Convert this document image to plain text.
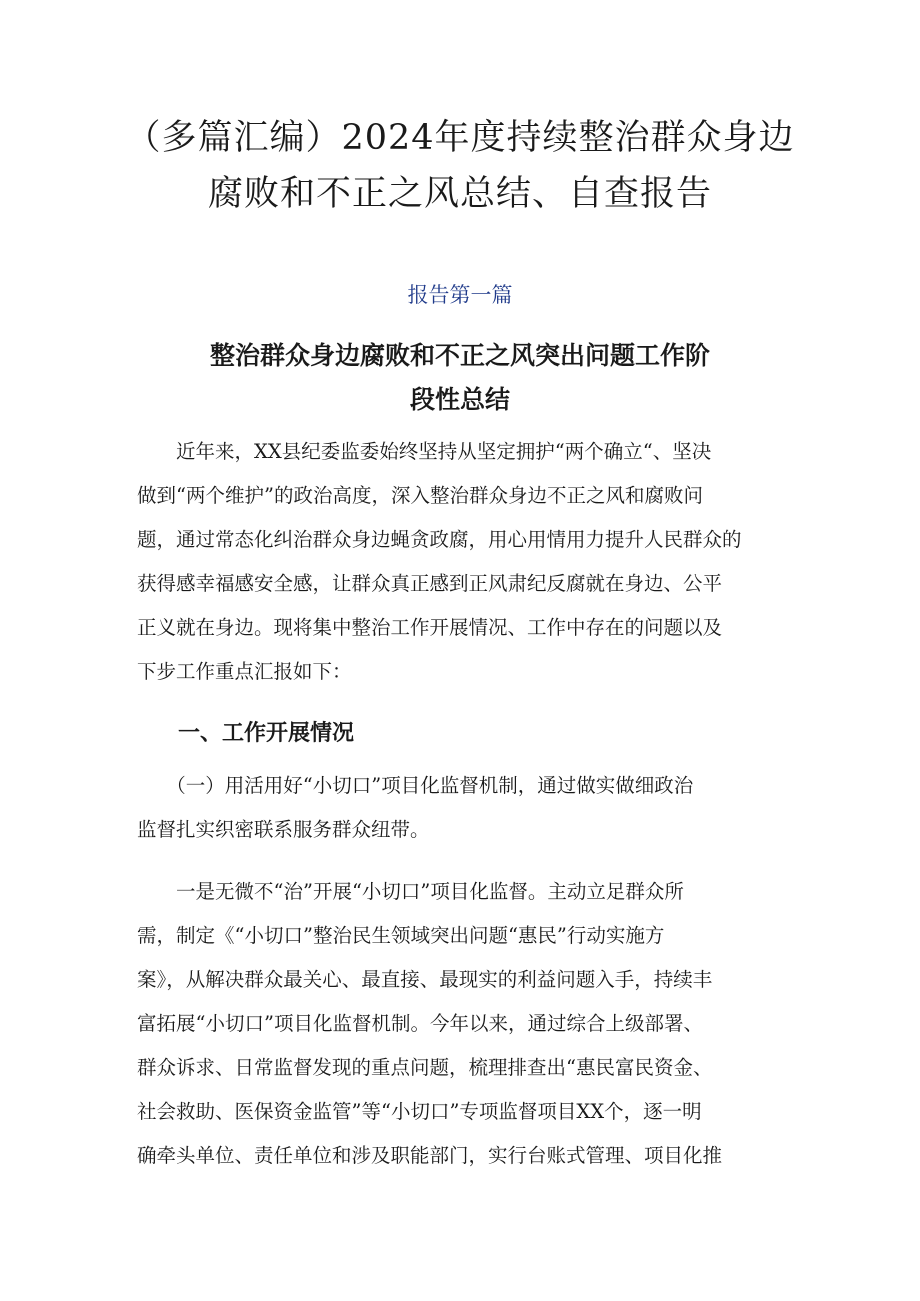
（多篇汇编）2024年度持续整治群众身边
腐败和不正之风总结、自查报告
报告第一篇
整治群众身边腐败和不正之风突出问题工作阶
段性总结

　　近年来，XX县纪委监委始终坚持从坚定拥护“两个确立“、坚决
做到“两个维护”的政治高度，深入整治群众身边不正之风和腐败问
题，通过常态化纠治群众身边蝇贪政腐，用心用情用力提升人民群众的
获得感幸福感安全感，让群众真正感到正风肃纪反腐就在身边、公平
正义就在身边。现将集中整治工作开展情况、工作中存在的问题以及
下步工作重点汇报如下：

一、工作开展情况

　　（一）用活用好“小切口”项目化监督机制，通过做实做细政治
监督扎实织密联系服务群众纽带。

　　一是无微不“治”开展“小切口”项目化监督。主动立足群众所
需，制定《“小切口”整治民生领域突出问题“惠民”行动实施方
案》，从解决群众最关心、最直接、最现实的利益问题入手，持续丰
富拓展“小切口”项目化监督机制。今年以来，通过综合上级部署、
群众诉求、日常监督发现的重点问题，梳理排查出“惠民富民资金、
社会救助、医保资金监管”等“小切口”专项监督项目XX个，逐一明
确牵头单位、责任单位和涉及职能部门，实行台账式管理、项目化推
